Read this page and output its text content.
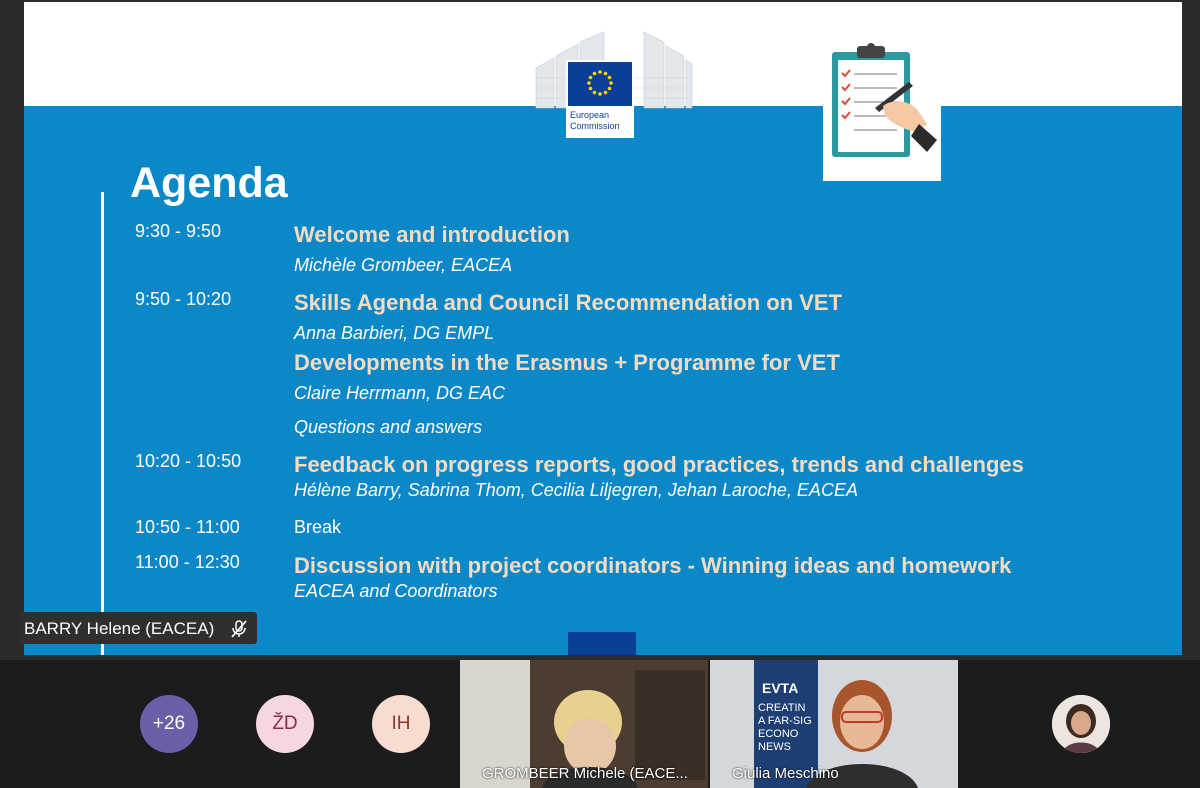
European
Commission
Agenda
9:30 - 9:50	Welcome and introduction
Michèle Grombeer, EACEA
9:50 - 10:20	Skills Agenda and Council Recommendation on VET
Anna Barbieri, DG EMPL
Developments in the Erasmus + Programme for VET
Claire Herrmann, DG EAC
Questions and answers
10:20 - 10:50 Feedback on progress reports, good practices, trends and challenges
Hélène Barry, Sabrina Thom, Cecilia Liljegren, Jehan Laroche, EACEA
10:50 - 11:00	Break
11:00 - 12:30 Discussion with project coordinators - Winning ideas and homework
EACEA and Coordinators
BARRY Helene (EACEA)
+26	ŽD	IH
GROMBEER Michele (EACE...
EVTA
CREATIN
A FAR-SIG
ECONO
NEWS
Giulia Meschino
